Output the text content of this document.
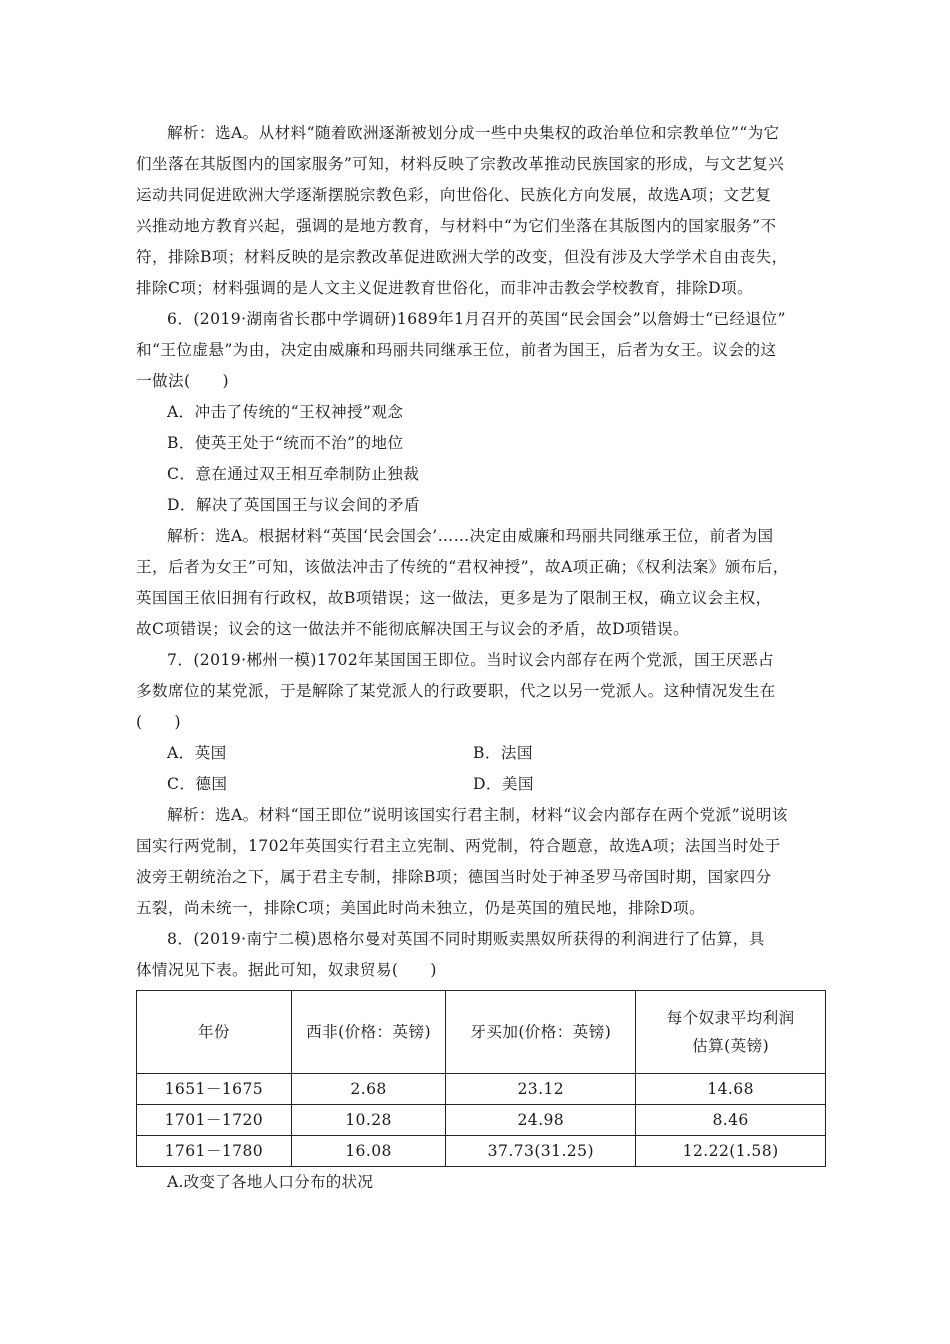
解析：选A。从材料“随着欧洲逐渐被划分成一些中央集权的政治单位和宗教单位”“为它

们坐落在其版图内的国家服务”可知，材料反映了宗教改革推动民族国家的形成，与文艺复兴

运动共同促进欧洲大学逐渐摆脱宗教色彩，向世俗化、民族化方向发展，故选A项；文艺复

兴推动地方教育兴起，强调的是地方教育，与材料中“为它们坐落在其版图内的国家服务”不

符，排除B项；材料反映的是宗教改革促进欧洲大学的改变，但没有涉及大学学术自由丧失，

排除C项；材料强调的是人文主义促进教育世俗化，而非冲击教会学校教育，排除D项。

6．(2019·湖南省长郡中学调研)1689年1月召开的英国“民会国会”以詹姆士“已经退位”

和“王位虚悬”为由，决定由威廉和玛丽共同继承王位，前者为国王，后者为女王。议会的这

一做法(　　)

A．冲击了传统的“王权神授”观念

B．使英王处于“统而不治”的地位

C．意在通过双王相互牵制防止独裁

D．解决了英国国王与议会间的矛盾

解析：选A。根据材料“英国‘民会国会’……决定由威廉和玛丽共同继承王位，前者为国

王，后者为女王”可知，该做法冲击了传统的“君权神授”，故A项正确；《权利法案》颁布后，

英国国王依旧拥有行政权，故B项错误；这一做法，更多是为了限制王权，确立议会主权，

故C项错误；议会的这一做法并不能彻底解决国王与议会的矛盾，故D项错误。

7．(2019·郴州一模)1702年某国国王即位。当时议会内部存在两个党派，国王厌恶占

多数席位的某党派，于是解除了某党派人的行政要职，代之以另一党派人。这种情况发生在

(　　)

A．英国	B．法国
C．德国	D．美国

解析：选A。材料“国王即位”说明该国实行君主制，材料“议会内部存在两个党派”说明该

国实行两党制，1702年英国实行君主立宪制、两党制，符合题意，故选A项；法国当时处于

波旁王朝统治之下，属于君主专制，排除B项；德国当时处于神圣罗马帝国时期，国家四分

五裂，尚未统一，排除C项；美国此时尚未独立，仍是英国的殖民地，排除D项。

8．(2019·南宁二模)恩格尔曼对英国不同时期贩卖黑奴所获得的利润进行了估算，具

体情况见下表。据此可知，奴隶贸易(　　)

年份	西非(价格：英镑)	牙买加(价格：英镑)	每个奴隶平均利润估算(英镑)
1651－1675	2.68	23.12	14.68
1701－1720	10.28	24.98	8.46
1761－1780	16.08	37.73(31.25)	12.22(1.58)

A.改变了各地人口分布的状况
